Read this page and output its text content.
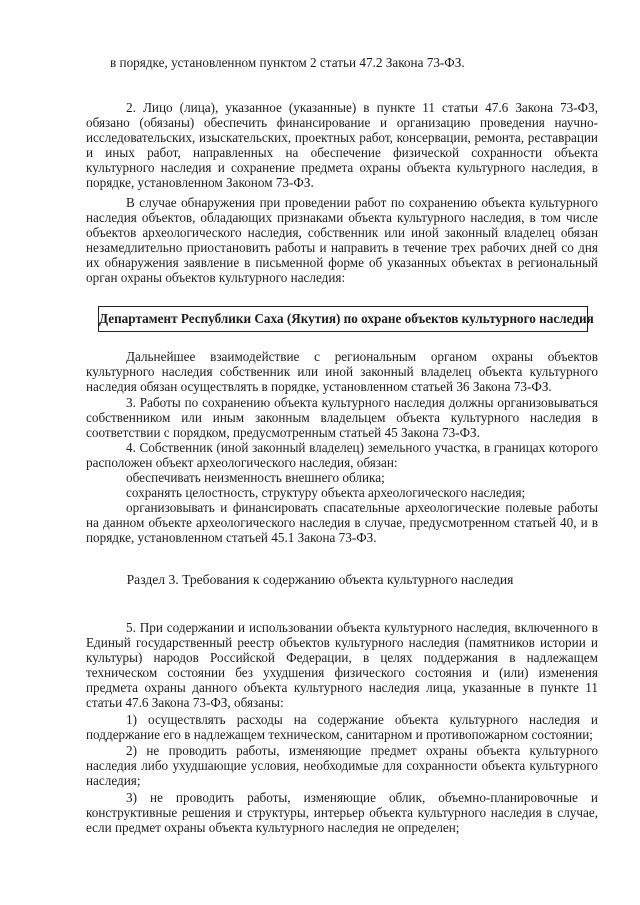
в порядке, установленном пунктом 2 статьи 47.2 Закона 73-ФЗ.

2. Лицо (лица), указанное (указанные) в пункте 11 статьи 47.6 Закона 73-ФЗ, обязано (обязаны) обеспечить финансирование и организацию проведения научно-исследовательских, изыскательских, проектных работ, консервации, ремонта, реставрации и иных работ, направленных на обеспечение физической сохранности объекта культурного наследия и сохранение предмета охраны объекта культурного наследия, в порядке, установленном Законом 73-ФЗ.

В случае обнаружения при проведении работ по сохранению объекта культурного наследия объектов, обладающих признаками объекта культурного наследия, в том числе объектов археологического наследия, собственник или иной законный владелец обязан незамедлительно приостановить работы и направить в течение трех рабочих дней со дня их обнаружения заявление в письменной форме об указанных объектах в региональный орган охраны объектов культурного наследия:

Департамент Республики Саха (Якутия) по охране объектов культурного наследия

Дальнейшее взаимодействие с региональным органом охраны объектов культурного наследия собственник или иной законный владелец объекта культурного наследия обязан осуществлять в порядке, установленном статьей 36 Закона 73-ФЗ.

3. Работы по сохранению объекта культурного наследия должны организовываться собственником или иным законным владельцем объекта культурного наследия в соответствии с порядком, предусмотренным статьей 45 Закона 73-ФЗ.

4. Собственник (иной законный владелец) земельного участка, в границах которого расположен объект археологического наследия, обязан:

обеспечивать неизменность внешнего облика;

сохранять целостность, структуру объекта археологического наследия;

организовывать и финансировать спасательные археологические полевые работы на данном объекте археологического наследия в случае, предусмотренном статьей 40, и в порядке, установленном статьей 45.1 Закона 73-ФЗ.

Раздел 3. Требования к содержанию объекта культурного наследия

5. При содержании и использовании объекта культурного наследия, включенного в Единый государственный реестр объектов культурного наследия (памятников истории и культуры) народов Российской Федерации, в целях поддержания в надлежащем техническом состоянии без ухудшения физического состояния и (или) изменения предмета охраны данного объекта культурного наследия лица, указанные в пункте 11 статьи 47.6 Закона 73-ФЗ, обязаны:

1) осуществлять расходы на содержание объекта культурного наследия и поддержание его в надлежащем техническом, санитарном и противопожарном состоянии;

2) не проводить работы, изменяющие предмет охраны объекта культурного наследия либо ухудшающие условия, необходимые для сохранности объекта культурного наследия;

3) не проводить работы, изменяющие облик, объемно-планировочные и конструктивные решения и структуры, интерьер объекта культурного наследия в случае, если предмет охраны объекта культурного наследия не определен;
